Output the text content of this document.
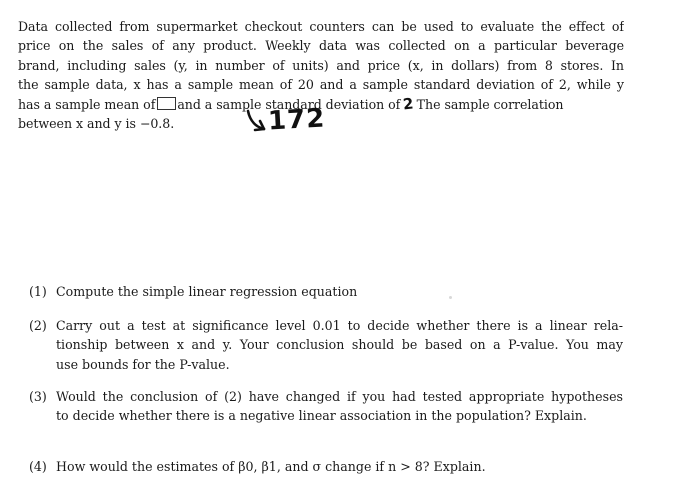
Data collected from supermarket checkout counters can be used to evaluate the effect of
price on the sales of any product. Weekly data was collected on a particular beverage
brand, including sales (y, in number of units) and price (x, in dollars) from 8 stores. In
the sample data, x has a sample mean of 20 and a sample standard deviation of 2, while y
has a sample mean of and a sample standard deviation of 2 The sample correlation
between x and y is −0.8.	172
(1) Compute the simple linear regression equation
(2) Carry out a test at significance level 0.01 to decide whether there is a linear rela-
tionship between x and y. Your conclusion should be based on a P-value. You may
use bounds for the P-value.
(3) Would the conclusion of (2) have changed if you had tested appropriate hypotheses
to decide whether there is a negative linear association in the population? Explain.
(4) How would the estimates of β0, β1, and σ change if n > 8? Explain.
